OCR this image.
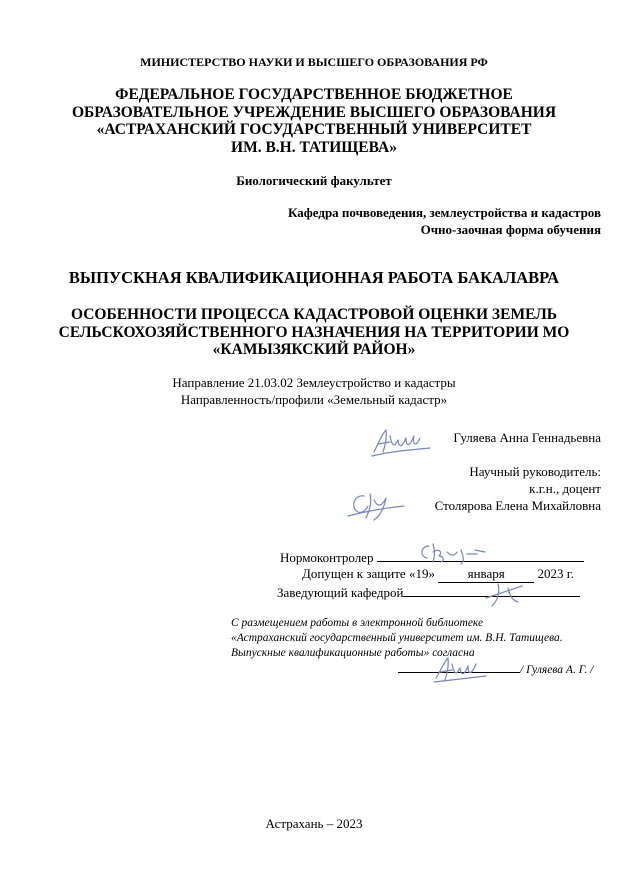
МИНИСТЕРСТВО НАУКИ И ВЫСШЕГО ОБРАЗОВАНИЯ РФ
ФЕДЕРАЛЬНОЕ ГОСУДАРСТВЕННОЕ БЮДЖЕТНОЕ
ОБРАЗОВАТЕЛЬНОЕ УЧРЕЖДЕНИЕ ВЫСШЕГО ОБРАЗОВАНИЯ
«АСТРАХАНСКИЙ ГОСУДАРСТВЕННЫЙ УНИВЕРСИТЕТ
ИМ. В.Н. ТАТИЩЕВА»
Биологический факультет
Кафедра почвоведения, землеустройства и кадастров
Очно-заочная форма обучения
ВЫПУСКНАЯ КВАЛИФИКАЦИОННАЯ РАБОТА БАКАЛАВРА
ОСОБЕННОСТИ ПРОЦЕССА КАДАСТРОВОЙ ОЦЕНКИ ЗЕМЕЛЬ
СЕЛЬСКОХОЗЯЙСТВЕННОГО НАЗНАЧЕНИЯ НА ТЕРРИТОРИИ МО
«КАМЫЗЯКСКИЙ РАЙОН»
Направление 21.03.02 Землеустройство и кадастры
Направленность/профили «Земельный кадастр»
Гуляева Анна Геннадьевна
Научный руководитель:
к.г.н., доцент
Столярова Елена Михайловна
Нормоконтролер
Допущен к защите «19»	января	2023 г.
Заведующий кафедрой
С размещением работы в электронной библиотеке
«Астраханский государственный университет им. В.Н. Татищева.
Выпускные квалификационные работы» согласна
/ Гуляева А. Г. /
Астрахань – 2023
